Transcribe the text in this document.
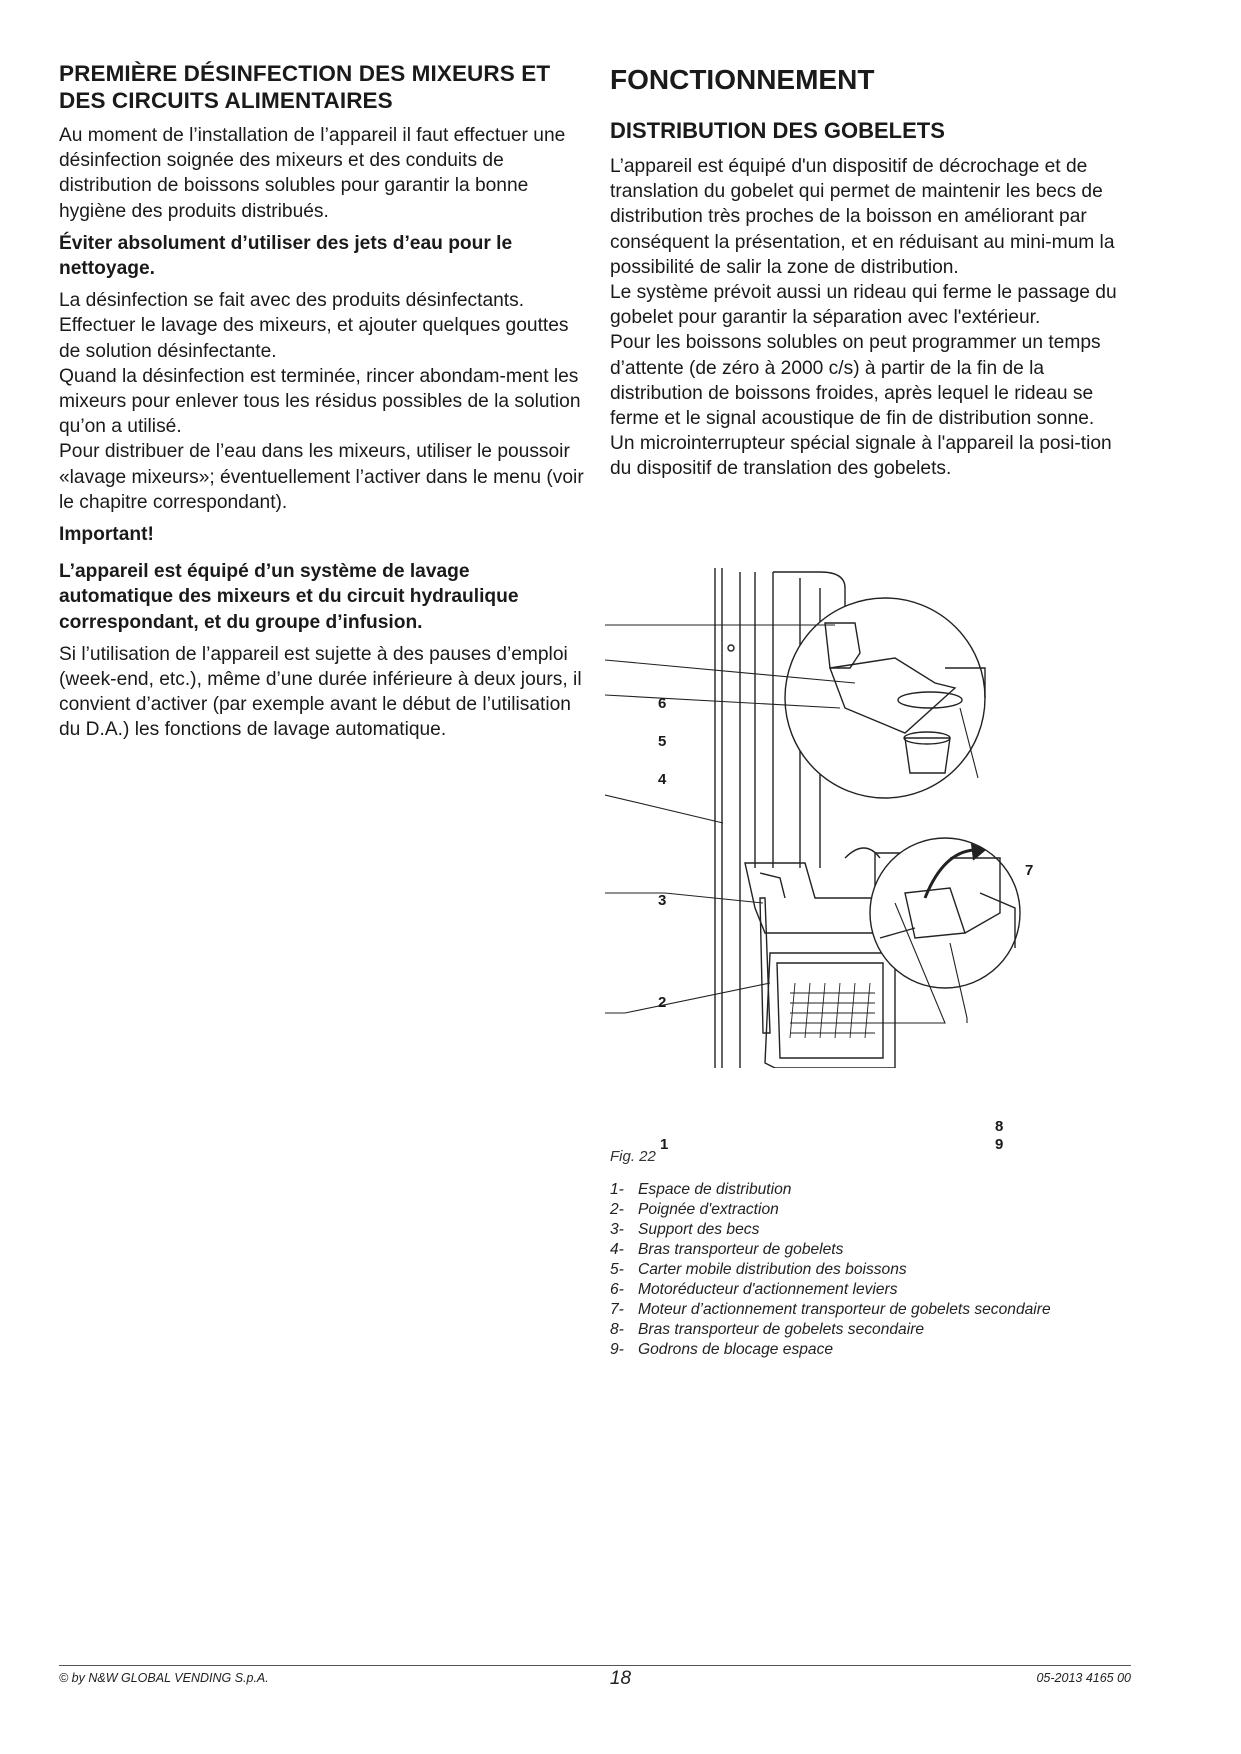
PREMIÈRE DÉSINFECTION DES MIXEURS ET DES CIRCUITS ALIMENTAIRES

Au moment de l’installation de l’appareil il faut effectuer une désinfection soignée des mixeurs et des conduits de distribution de boissons solubles pour garantir la bonne hygiène des produits distribués.

Éviter absolument d’utiliser des jets d’eau pour le nettoyage.

La désinfection se fait avec des produits désinfectants. Effectuer le lavage des mixeurs, et ajouter quelques gouttes de solution désinfectante.

Quand la désinfection est terminée, rincer abondam-ment les mixeurs pour enlever tous les résidus possibles de la solution qu’on a utilisé.

Pour distribuer de l’eau dans les mixeurs, utiliser le poussoir «lavage mixeurs»; éventuellement l’activer dans le menu (voir le chapitre correspondant).

Important!

L’appareil est équipé d’un système de lavage automatique des mixeurs et du circuit hydraulique correspondant, et du groupe d’infusion.

Si l’utilisation de l’appareil est sujette à des pauses d’emploi (week-end, etc.), même d’une durée inférieure à deux jours, il convient d’activer (par exemple avant le début de l’utilisation du D.A.) les fonctions de lavage automatique.

FONCTIONNEMENT
DISTRIBUTION DES GOBELETS

L’appareil est équipé d'un dispositif de décrochage et de translation du gobelet qui permet de maintenir les becs de distribution très proches de la boisson en améliorant par conséquent la présentation, et en réduisant au mini-mum la possibilité de salir la zone de distribution.

Le système prévoit aussi un rideau qui ferme le passage du gobelet pour garantir la séparation avec l'extérieur.

Pour les boissons solubles on peut programmer un temps d’attente (de zéro à 2000 c/s) à partir de la fin de la distribution de boissons froides, après lequel le rideau se ferme et le signal acoustique de fin de distribution sonne.

Un microinterrupteur spécial signale à l'appareil la posi-tion du dispositif de translation des gobelets.

6
5
4
7
3
2
8
9
1
Fig. 22
1- Espace de distribution
2- Poignée d'extraction
3- Support des becs
4- Bras transporteur de gobelets
5- Carter mobile distribution des boissons
6- Motoréducteur d'actionnement leviers
7- Moteur d’actionnement transporteur de gobelets secondaire
8- Bras transporteur de gobelets secondaire
9- Godrons de blocage espace
© by N&W GLOBAL VENDING S.p.A.	18	05-2013 4165 00
